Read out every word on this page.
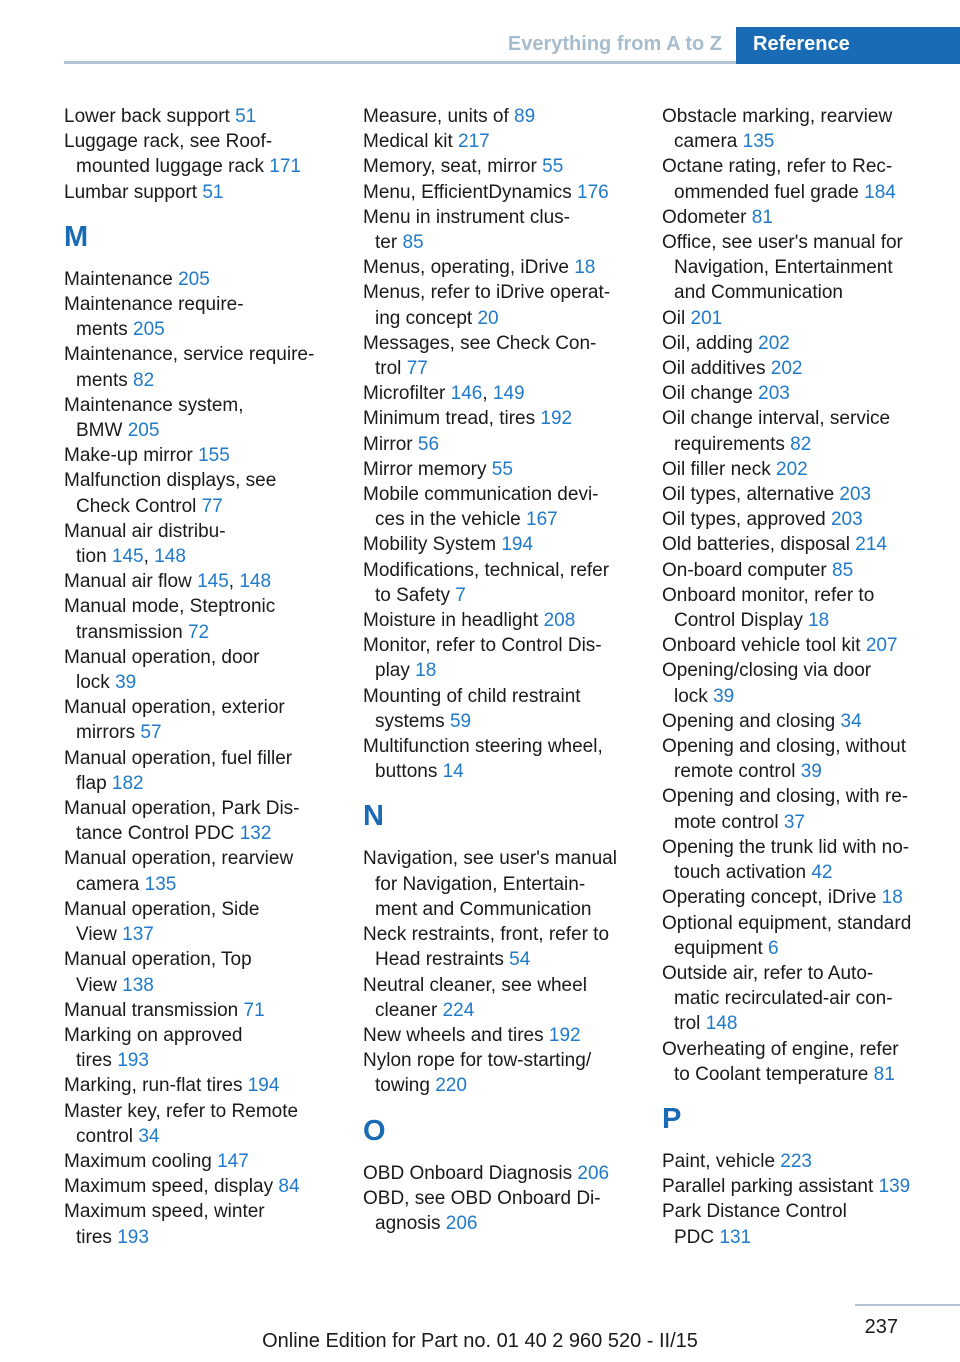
Everything from A to Z	Reference
Lower back support 51
Luggage rack, see Roof-
mounted luggage rack 171
Lumbar support 51
M
Maintenance 205
Maintenance require-
ments 205
Maintenance, service require-
ments 82
Maintenance system,
BMW 205
Make-up mirror 155
Malfunction displays, see
Check Control 77
Manual air distribu-
tion 145, 148
Manual air flow 145, 148
Manual mode, Steptronic
transmission 72
Manual operation, door
lock 39
Manual operation, exterior
mirrors 57
Manual operation, fuel filler
flap 182
Manual operation, Park Dis-
tance Control PDC 132
Manual operation, rearview
camera 135
Manual operation, Side
View 137
Manual operation, Top
View 138
Manual transmission 71
Marking on approved
tires 193
Marking, run-flat tires 194
Master key, refer to Remote
control 34
Maximum cooling 147
Maximum speed, display 84
Maximum speed, winter
tires 193
Measure, units of 89
Medical kit 217
Memory, seat, mirror 55
Menu, EfficientDynamics 176
Menu in instrument clus-
ter 85
Menus, operating, iDrive 18
Menus, refer to iDrive operat-
ing concept 20
Messages, see Check Con-
trol 77
Microfilter 146, 149
Minimum tread, tires 192
Mirror 56
Mirror memory 55
Mobile communication devi-
ces in the vehicle 167
Mobility System 194
Modifications, technical, refer
to Safety 7
Moisture in headlight 208
Monitor, refer to Control Dis-
play 18
Mounting of child restraint
systems 59
Multifunction steering wheel,
buttons 14
N
Navigation, see user's manual
for Navigation, Entertain-
ment and Communication
Neck restraints, front, refer to
Head restraints 54
Neutral cleaner, see wheel
cleaner 224
New wheels and tires 192
Nylon rope for tow-starting/
towing 220
O
OBD Onboard Diagnosis 206
OBD, see OBD Onboard Di-
agnosis 206
Obstacle marking, rearview
camera 135
Octane rating, refer to Rec-
ommended fuel grade 184
Odometer 81
Office, see user's manual for
Navigation, Entertainment
and Communication
Oil 201
Oil, adding 202
Oil additives 202
Oil change 203
Oil change interval, service
requirements 82
Oil filler neck 202
Oil types, alternative 203
Oil types, approved 203
Old batteries, disposal 214
On-board computer 85
Onboard monitor, refer to
Control Display 18
Onboard vehicle tool kit 207
Opening/closing via door
lock 39
Opening and closing 34
Opening and closing, without
remote control 39
Opening and closing, with re-
mote control 37
Opening the trunk lid with no-
touch activation 42
Operating concept, iDrive 18
Optional equipment, standard
equipment 6
Outside air, refer to Auto-
matic recirculated-air con-
trol 148
Overheating of engine, refer
to Coolant temperature 81
P
Paint, vehicle 223
Parallel parking assistant 139
Park Distance Control
PDC 131
237
Online Edition for Part no. 01 40 2 960 520 - II/15
